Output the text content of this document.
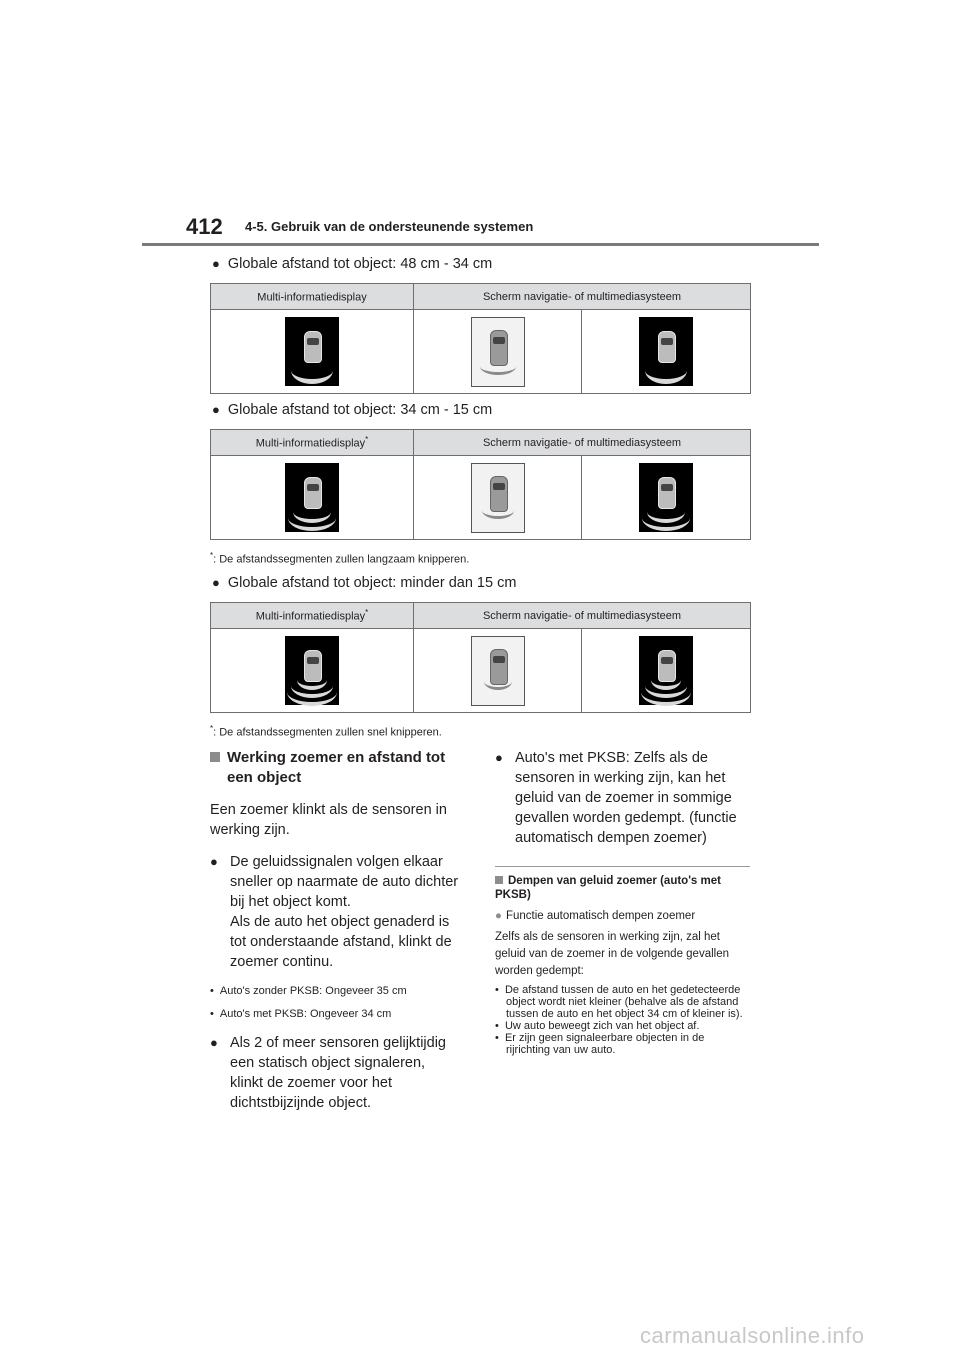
412 4-5. Gebruik van de ondersteunende systemen
● Globale afstand tot object: 48 cm - 34 cm
Multi-informatiedisplay	Scherm navigatie- of multimediasysteem	

● Globale afstand tot object: 34 cm - 15 cm
Multi-informatiedisplay*	Scherm navigatie- of multimediasysteem	

*: De afstandssegmenten zullen langzaam knipperen.
● Globale afstand tot object: minder dan 15 cm
Multi-informatiedisplay*	Scherm navigatie- of multimediasysteem	

*: De afstandssegmenten zullen snel knipperen.
Werking zoemer en afstand tot
een object
Een zoemer klinkt als de sensoren in werking zijn.
● De geluidssignalen volgen elkaar sneller op naarmate de auto dichter bij het object komt.
Als de auto het object genaderd is tot onderstaande afstand, klinkt de zoemer continu.
• Auto's zonder PKSB: Ongeveer 35 cm
• Auto's met PKSB: Ongeveer 34 cm
● Als 2 of meer sensoren gelijktijdig een statisch object signaleren, klinkt de zoemer voor het dichtstbijzijnde object.
● Auto's met PKSB: Zelfs als de sensoren in werking zijn, kan het geluid van de zoemer in sommige gevallen worden gedempt. (functie automatisch dempen zoemer)
Dempen van geluid zoemer (auto's met PKSB)
● Functie automatisch dempen zoemer
Zelfs als de sensoren in werking zijn, zal het geluid van de zoemer in de volgende gevallen worden gedempt:
•  De afstand tussen de auto en het gedetecteerde object wordt niet kleiner (behalve als de afstand tussen de auto en het object 34 cm of kleiner is).
•  Uw auto beweegt zich van het object af.
•  Er zijn geen signaleerbare objecten in de rijrichting van uw auto.
carmanualsonline.info
